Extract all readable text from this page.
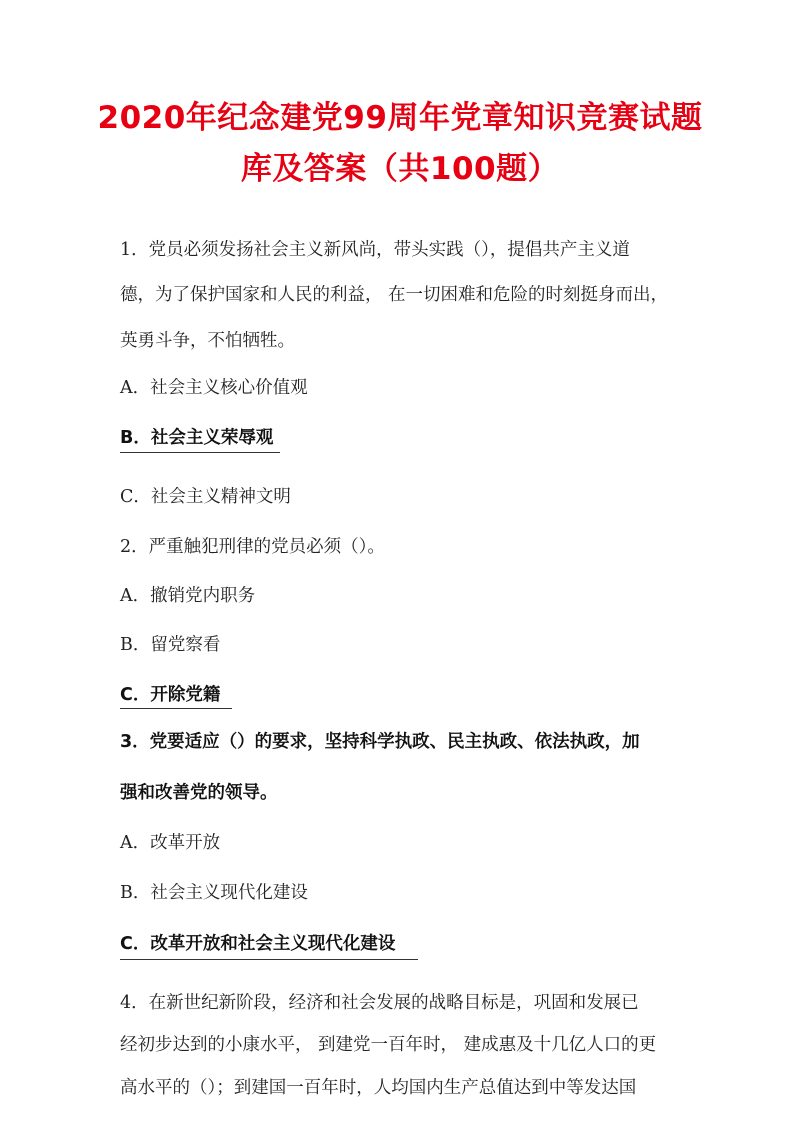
2020年纪念建党99周年党章知识竞赛试题
库及答案（共100题）
1．党员必须发扬社会主义新风尚，带头实践（），提倡共产主义道
德，为了保护国家和人民的利益， 在一切困难和危险的时刻挺身而出，
英勇斗争，不怕牺牲。
A．社会主义核心价值观
B．社会主义荣辱观
C．社会主义精神文明
2．严重触犯刑律的党员必须（）。
A．撤销党内职务
B．留党察看
C．开除党籍
3．党要适应（）的要求，坚持科学执政、民主执政、依法执政，加
强和改善党的领导。
A．改革开放
B．社会主义现代化建设
C．改革开放和社会主义现代化建设
4．在新世纪新阶段，经济和社会发展的战略目标是，巩固和发展已
经初步达到的小康水平， 到建党一百年时， 建成惠及十几亿人口的更
高水平的（）；到建国一百年时，人均国内生产总值达到中等发达国
